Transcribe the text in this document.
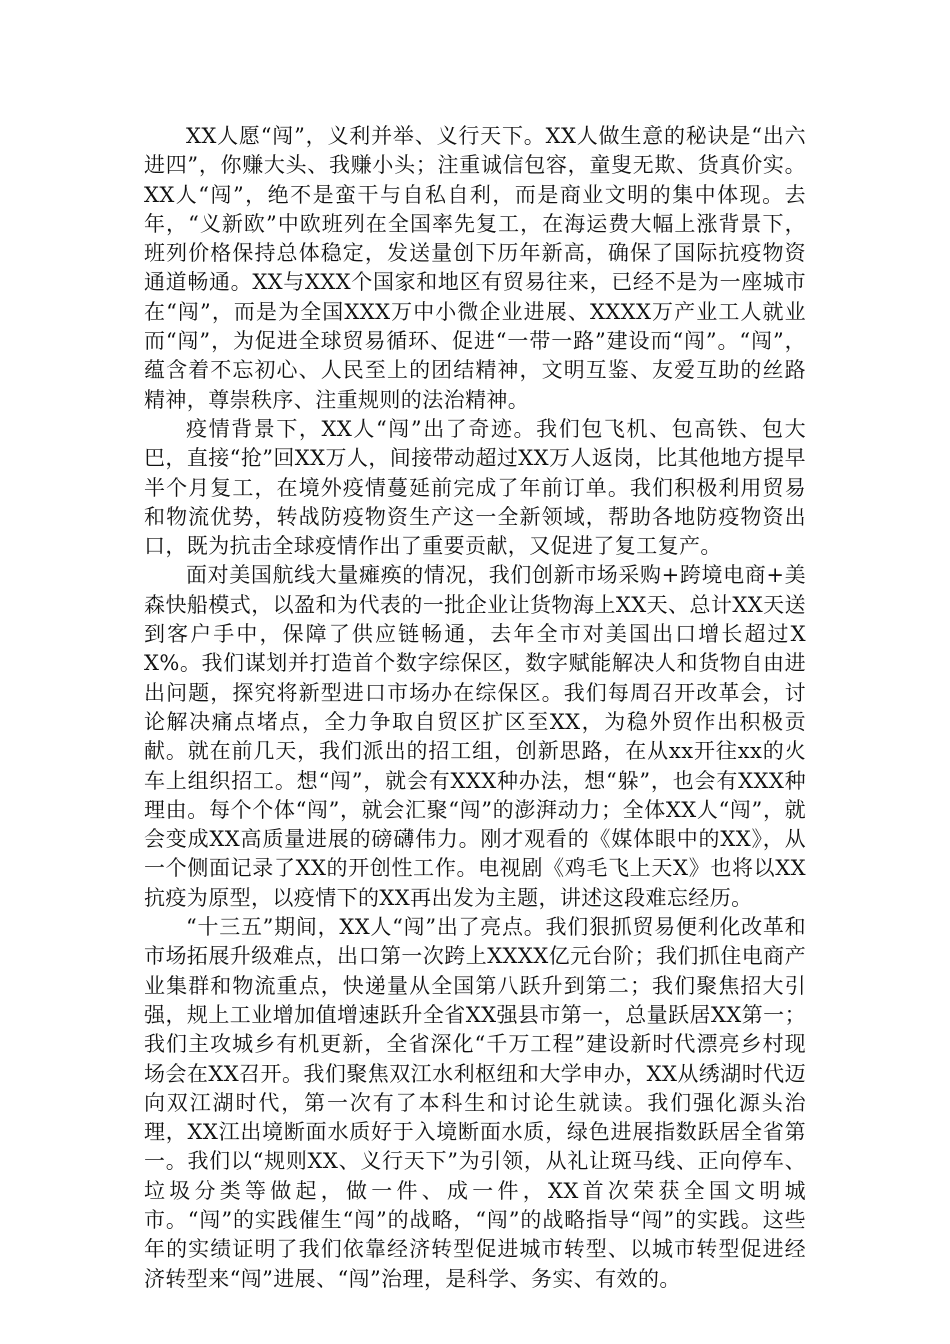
XX人愿“闯”，义利并举、义行天下。XX人做生意的秘诀是“出六进四”，你赚大头、我赚小头；注重诚信包容，童叟无欺、货真价实。XX人“闯”，绝不是蛮干与自私自利，而是商业文明的集中体现。去年，“义新欧”中欧班列在全国率先复工，在海运费大幅上涨背景下，班列价格保持总体稳定，发送量创下历年新高，确保了国际抗疫物资通道畅通。XX与XXX个国家和地区有贸易往来，已经不是为一座城市在“闯”，而是为全国XXX万中小微企业进展、XXXX万产业工人就业而“闯”，为促进全球贸易循环、促进“一带一路”建设而“闯”。“闯”，蕴含着不忘初心、人民至上的团结精神，文明互鉴、友爱互助的丝路精神，尊崇秩序、注重规则的法治精神。

疫情背景下，XX人“闯”出了奇迹。我们包飞机、包高铁、包大巴，直接“抢”回XX万人，间接带动超过XX万人返岗，比其他地方提早半个月复工，在境外疫情蔓延前完成了年前订单。我们积极利用贸易和物流优势，转战防疫物资生产这一全新领域，帮助各地防疫物资出口，既为抗击全球疫情作出了重要贡献，又促进了复工复产。

面对美国航线大量瘫痪的情况，我们创新市场采购+跨境电商+美森快船模式，以盈和为代表的一批企业让货物海上XX天、总计XX天送到客户手中，保障了供应链畅通，去年全市对美国出口增长超过XX%。我们谋划并打造首个数字综保区，数字赋能解决人和货物自由进出问题，探究将新型进口市场办在综保区。我们每周召开改革会，讨论解决痛点堵点，全力争取自贸区扩区至XX，为稳外贸作出积极贡献。就在前几天，我们派出的招工组，创新思路，在从xx开往xx的火车上组织招工。想“闯”，就会有XXX种办法，想“躲”，也会有XXX种理由。每个个体“闯”，就会汇聚“闯”的澎湃动力；全体XX人“闯”，就会变成XX高质量进展的磅礴伟力。刚才观看的《媒体眼中的XX》，从一个侧面记录了XX的开创性工作。电视剧《鸡毛飞上天X》也将以XX抗疫为原型，以疫情下的XX再出发为主题，讲述这段难忘经历。

“十三五”期间，XX人“闯”出了亮点。我们狠抓贸易便利化改革和市场拓展升级难点，出口第一次跨上XXXX亿元台阶；我们抓住电商产业集群和物流重点，快递量从全国第八跃升到第二；我们聚焦招大引强，规上工业增加值增速跃升全省XX强县市第一，总量跃居XX第一；我们主攻城乡有机更新，全省深化“千万工程”建设新时代漂亮乡村现场会在XX召开。我们聚焦双江水利枢纽和大学申办，XX从绣湖时代迈向双江湖时代，第一次有了本科生和讨论生就读。我们强化源头治理，XX江出境断面水质好于入境断面水质，绿色进展指数跃居全省第一。我们以“规则XX、义行天下”为引领，从礼让斑马线、正向停车、垃圾分类等做起，做一件、成一件，XX首次荣获全国文明城市。“闯”的实践催生“闯”的战略，“闯”的战略指导“闯”的实践。这些年的实绩证明了我们依靠经济转型促进城市转型、以城市转型促进经济转型来“闯”进展、“闯”治理，是科学、务实、有效的。
